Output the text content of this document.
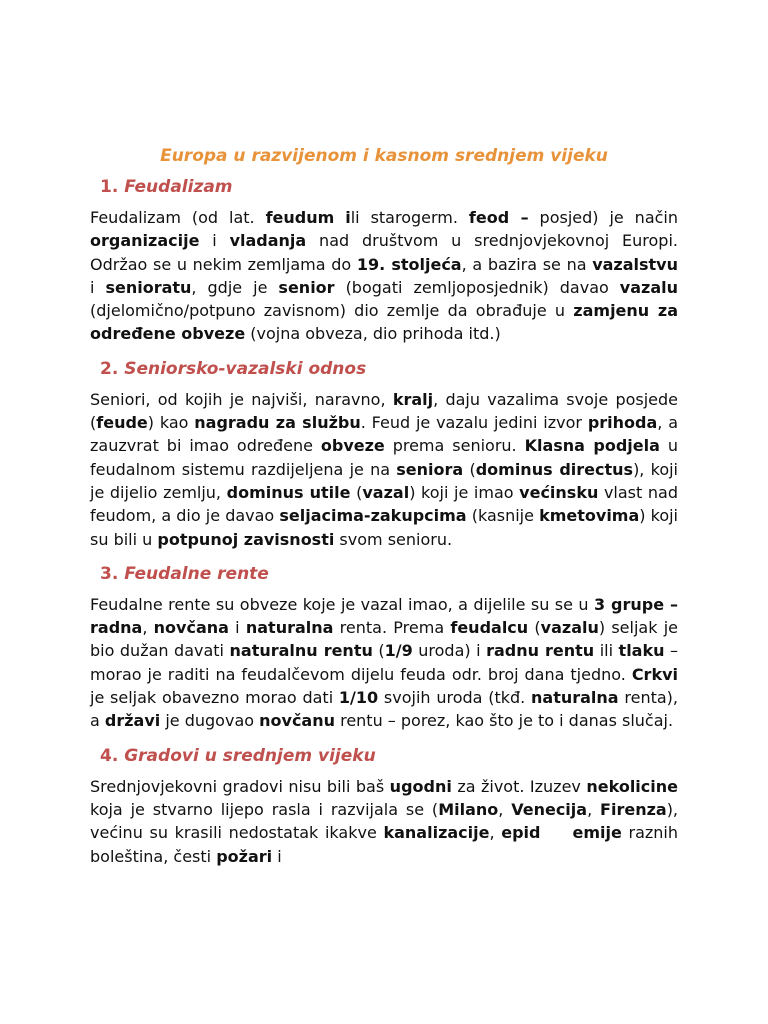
Europa u razvijenom i kasnom srednjem vijeku
1. Feudalizam

Feudalizam (od lat. feudum ili starogerm. feod – posjed) je način organizacije i vladanja nad društvom u srednjovjekovnoj Europi. Održao se u nekim zemljama do 19. stoljeća, a bazira se na vazalstvu i senioratu, gdje je senior (bogati zemljoposjednik) davao vazalu (djelomično/potpuno zavisnom) dio zemlje da obrađuje u zamjenu za određene obveze (vojna obveza, dio prihoda itd.)

2. Seniorsko-vazalski odnos

Seniori, od kojih je najviši, naravno, kralj, daju vazalima svoje posjede (feude) kao nagradu za službu. Feud je vazalu jedini izvor prihoda, a zauzvrat bi imao određene obveze prema senioru. Klasna podjela u feudalnom sistemu razdijeljena je na seniora (dominus directus), koji je dijelio zemlju, dominus utile (vazal) koji je imao većinsku vlast nad feudom, a dio je davao seljacima-zakupcima (kasnije kmetovima) koji su bili u potpunoj zavisnosti svom senioru.

3. Feudalne rente

Feudalne rente su obveze koje je vazal imao, a dijelile su se u 3 grupe – radna, novčana i naturalna renta. Prema feudalcu (vazalu) seljak je bio dužan davati naturalnu rentu (1/9 uroda) i radnu rentu ili tlaku – morao je raditi na feudalčevom dijelu feuda odr. broj dana tjedno. Crkvi je seljak obavezno morao dati 1/10 svojih uroda (tkđ. naturalna renta), a državi je dugovao novčanu rentu – porez, kao što je to i danas slučaj.

4. Gradovi u srednjem vijeku

Srednjovjekovni gradovi nisu bili baš ugodni za život. Izuzev nekolicine koja je stvarno lijepo rasla i razvijala se (Milano, Venecija, Firenza), većinu su krasili nedostatak ikakve kanalizacije, epid emije raznih boleština, česti požari i
